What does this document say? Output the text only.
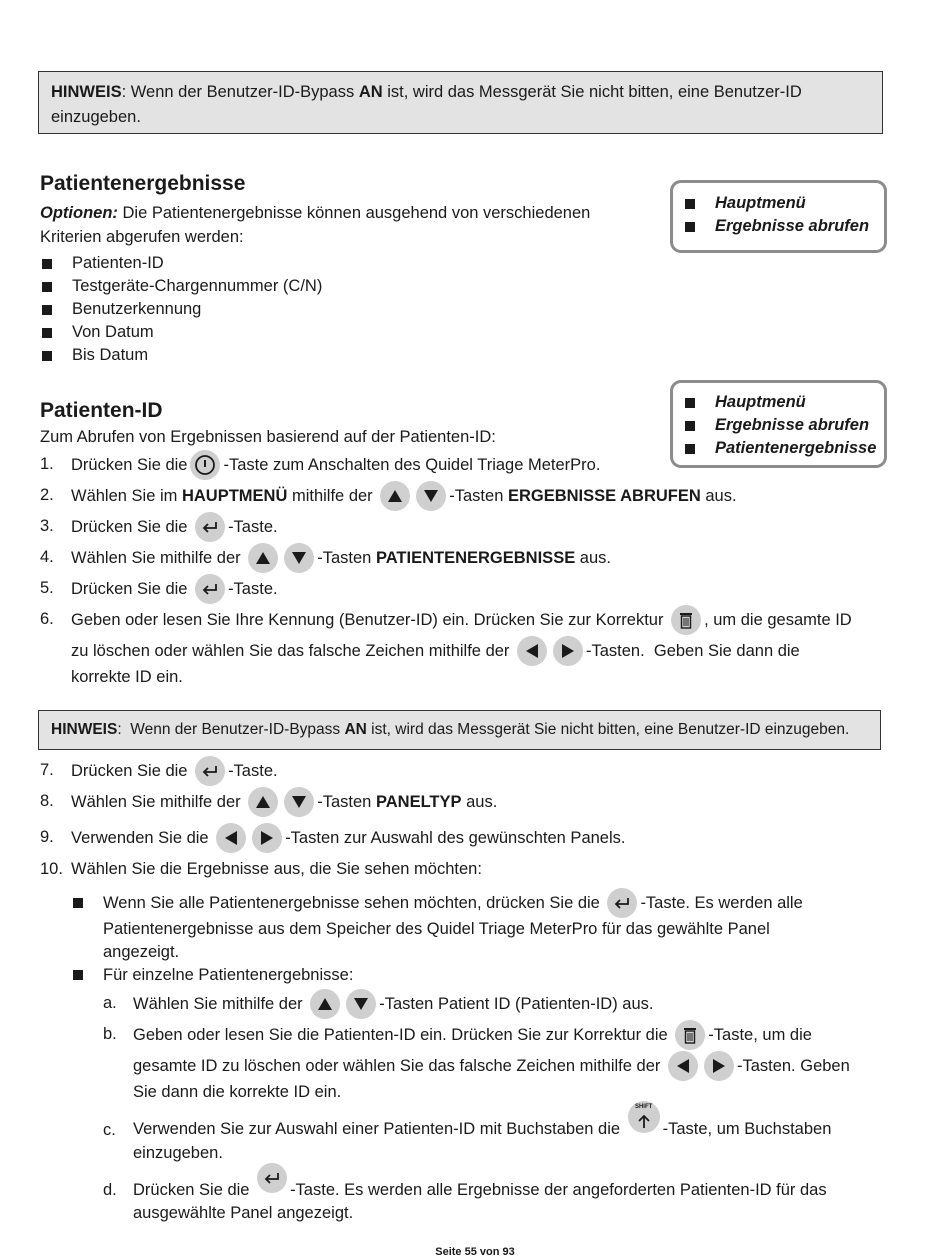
HINWEIS: Wenn der Benutzer-ID-Bypass AN ist, wird das Messgerät Sie nicht bitten, eine Benutzer-ID einzugeben.
Patientenergebnisse
Optionen: Die Patientenergebnisse können ausgehend von verschiedenen
Kriterien abgerufen werden:
Patienten-ID
Testgeräte-Chargennummer (C/N)
Benutzerkennung
Von Datum
Bis Datum
Hauptmenü
Ergebnisse abrufen
Patienten-ID
Zum Abrufen von Ergebnissen basierend auf der Patienten-ID:
Hauptmenü
Ergebnisse abrufen
Patientenergebnisse
1. Drücken Sie die -Taste zum Anschalten des Quidel Triage MeterPro.
2. Wählen Sie im
HAUPTMENÜ mithilfe der	-Tasten ERGEBNISSE ABRUFEN aus.
3. Drücken Sie die -Taste.
4. Wählen Sie mithilfe der	-Tasten PATIENTENERGEBNISSE aus.
5. Drücken Sie die -Taste.
6. Geben oder lesen Sie Ihre Kennung (Benutzer-ID) ein. Drücken Sie zur Korrektur , um die gesamte ID
zu löschen oder wählen Sie das falsche Zeichen mithilfe der	-Tasten.  Geben Sie dann die
korrekte ID ein.
HINWEIS:  Wenn der Benutzer-ID-Bypass AN ist, wird das Messgerät Sie nicht bitten, eine Benutzer-ID einzugeben.
7. Drücken Sie die -Taste.
8. Wählen Sie mithilfe der	-Tasten PANELTYP aus.
9. Verwenden Sie die	-Tasten zur Auswahl des gewünschten Panels.
10. Wählen Sie die Ergebnisse aus, die Sie sehen möchten:
Wenn Sie alle Patientenergebnisse sehen möchten, drücken Sie die -Taste. Es werden alle
Patientenergebnisse aus dem Speicher des Quidel Triage MeterPro für das gewählte Panel
angezeigt.
Für einzelne Patientenergebnisse:
a. Wählen Sie mithilfe der	-Tasten Patient ID (Patienten-ID) aus.
b. Geben oder lesen Sie die Patienten-ID ein. Drücken Sie zur Korrektur die -Taste, um die
gesamte ID zu löschen oder wählen Sie das falsche Zeichen mithilfe der	-Tasten. Geben
Sie dann die korrekte ID ein.
c. Verwenden Sie zur Auswahl einer Patienten-ID mit Buchstaben die
SHIFT
-Taste, um Buchstaben
einzugeben.
d. Drücken Sie die -Taste. Es werden alle Ergebnisse der angeforderten Patienten-ID für das
ausgewählte Panel angezeigt.
Seite 55 von 93
